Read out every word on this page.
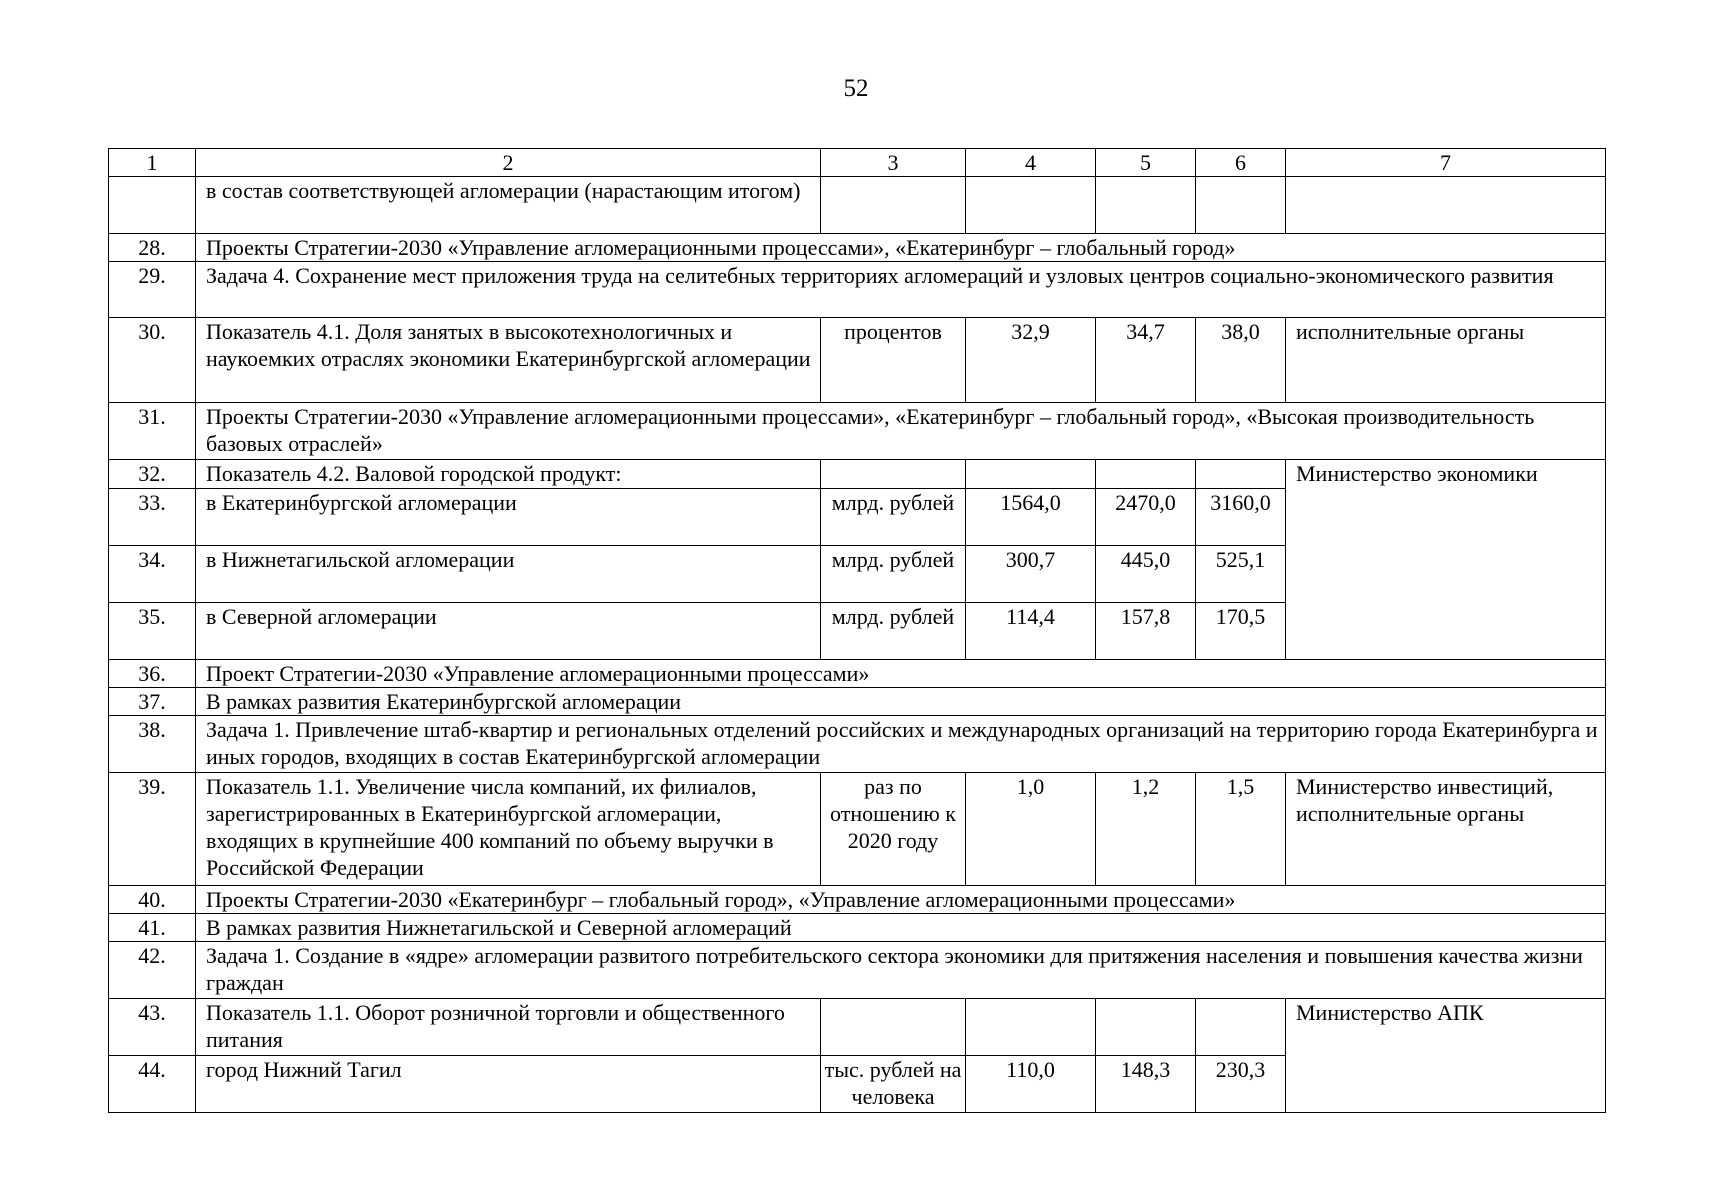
52
1	2	3	4	5	6	7
	в состав соответствующей агломерации (нарастающим итогом)					
28.	Проекты Стратегии-2030 «Управление агломерационными процессами», «Екатеринбург – глобальный город»					
29.	Задача 4. Сохранение мест приложения труда на селитебных территориях агломераций и узловых центров социально-экономического развития					
30.	Показатель 4.1. Доля занятых в высокотехнологичных и наукоемких отраслях экономики Екатеринбургской агломерации	процентов	32,9	34,7	38,0	исполнительные органы
31.	Проекты Стратегии-2030 «Управление агломерационными процессами», «Екатеринбург – глобальный город», «Высокая производительность базовых отраслей»					
32.	Показатель 4.2. Валовой городской продукт:					Министерство экономики
33.	в Екатеринбургской агломерации	млрд. рублей	1564,0	2470,0	3160,0	
34.	в Нижнетагильской агломерации	млрд. рублей	300,7	445,0	525,1	
35.	в Северной агломерации	млрд. рублей	114,4	157,8	170,5	
36.	Проект Стратегии-2030 «Управление агломерационными процессами»					
37.	В рамках развития Екатеринбургской агломерации					
38.	Задача 1. Привлечение штаб-квартир и региональных отделений российских и международных организаций на территорию города Екатеринбурга и иных городов, входящих в состав Екатеринбургской агломерации					
39.	Показатель 1.1. Увеличение числа компаний, их филиалов, зарегистрированных в Екатеринбургской агломерации, входящих в крупнейшие 400 компаний по объему выручки в Российской Федерации	раз по отношению к 2020 году	1,0	1,2	1,5	Министерство инвестиций, исполнительные органы
40.	Проекты Стратегии-2030 «Екатеринбург – глобальный город», «Управление агломерационными процессами»					
41.	В рамках развития Нижнетагильской и Северной агломераций					
42.	Задача 1. Создание в «ядре» агломерации развитого потребительского сектора экономики для притяжения населения и повышения качества жизни граждан					
43.	Показатель 1.1. Оборот розничной торговли и общественного питания					Министерство АПК
44.	город Нижний Тагил	тыс. рублей на человека	110,0	148,3	230,3	
